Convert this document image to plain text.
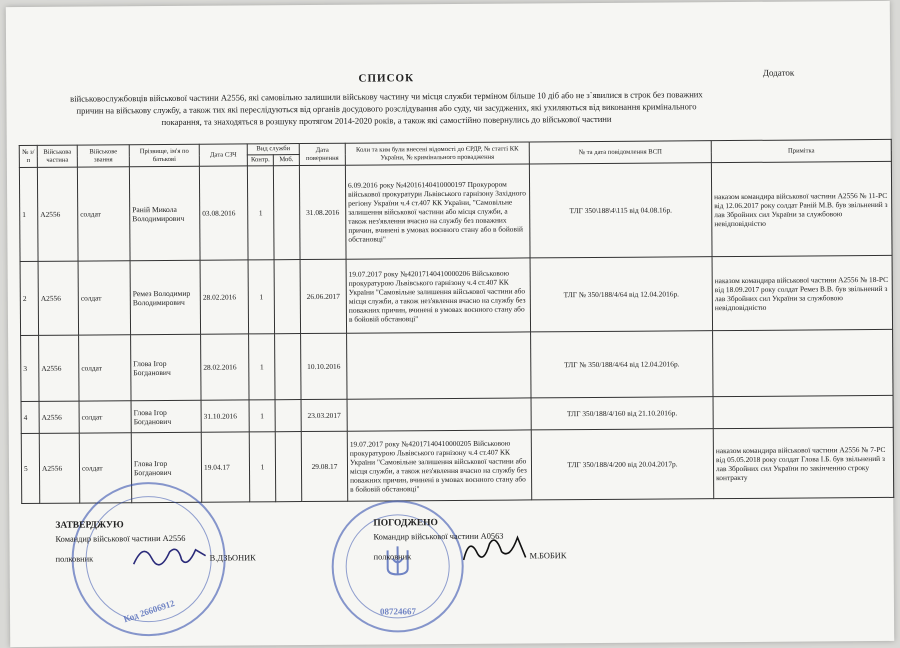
Додаток
СПИСОК
військовослужбовців військової частини А2556, які самовільно залишили військову частину чи місця служби терміном більше 10 діб або не з`явилися в строк без поважних причин на військову службу, а також тих які переслідуються від органів досудового розслідування або суду, чи засуджених, які ухиляються від виконання кримінального покарання, та знаходяться в розшуку протягом 2014-2020 років, а також які самостійно повернулись до військової частини
№ з/п	Військова частина	Військове звання	Прізвище, ім'я по батькові	Дата СЗЧ	Вид служби		Дата повернення	Коли та ким були внесені відомості до ЄРДР, № статті КК України, № кримінального провадження	№ та дата повідомлення ВСП	Примітка
					Контр.	Моб.				
1	А2556	солдат	Ранiй Микола Володимирович	03.08.2016	1		31.08.2016	6.09.2016 року №42016140410000197 Прокурором військової прокуратури Львівського гарнізону Західного регіону України ч.4 ст.407 КК України, "Самовільне залишення військової частини або місця служби, а також нез'явлення вчасно на службу без поважних причин, вчинені в умовах воєнного стану або в бойовій обстановці"	ТЛГ 350\188\4\115 від 04.08.16р.	наказом командира військової частини А2556 № 11-РС від 12.06.2017 року солдат Ранiй М.В. був звільнений з лав Збройних сил України за службовою невідповідністю
2	А2556	солдат	Ремез Володимир Володимирович	28.02.2016	1		26.06.2017	19.07.2017 року №42017140410000206 Військовою прокуратурою Львівського гарнізону ч.4 ст.407 КК України "Самовільне залишення військової частини або місця служби, а також нез'явлення вчасно на службу без поважних причин, вчинені в умовах воєнного стану або в бойовій обстановці"	ТЛГ № 350/188/4/64 від 12.04.2016р.	наказом командира військової частини А2556 № 18-РС від 18.09.2017 року солдат Ремез В.В. був звільнений з лав Збройних сил України за службовою невідповідністю
3	А2556	солдат	Глова Ігор Богданович	28.02.2016	1		10.10.2016		ТЛГ № 350/188/4/64 від 12.04.2016р.	
4	А2556	солдат	Глова Ігор Богданович	31.10.2016	1		23.03.2017		ТЛГ 350/188/4/160 від 21.10.2016р.	
5	А2556	солдат	Глова Ігор Богданович	19.04.17	1		29.08.17	19.07.2017 року №42017140410000205 Військовою прокуратурою Львівського гарнізону ч.4 ст.407 КК України "Самовільне залишення військової частини або місця служби, а також нез'явлення вчасно на службу без поважних причин, вчинені в умовах воєнного стану або в бойовій обстановці"	ТЛГ 350/188/4/200 від 20.04.2017р.	наказом командира військової частини А2556 № 7-РС від 05.05.2018 року солдат Глова І.Б. був звільнений з лав Збройних сил України по закінченню строку контракту
Код 26606912	08724667
ЗАТВЕРДЖУЮ
Командир військової частини А2556
полковник	В.ДЗЬОНИК
ПОГОДЖЕНО
Командир військової частини А0563
полковник	М.БОБИК
